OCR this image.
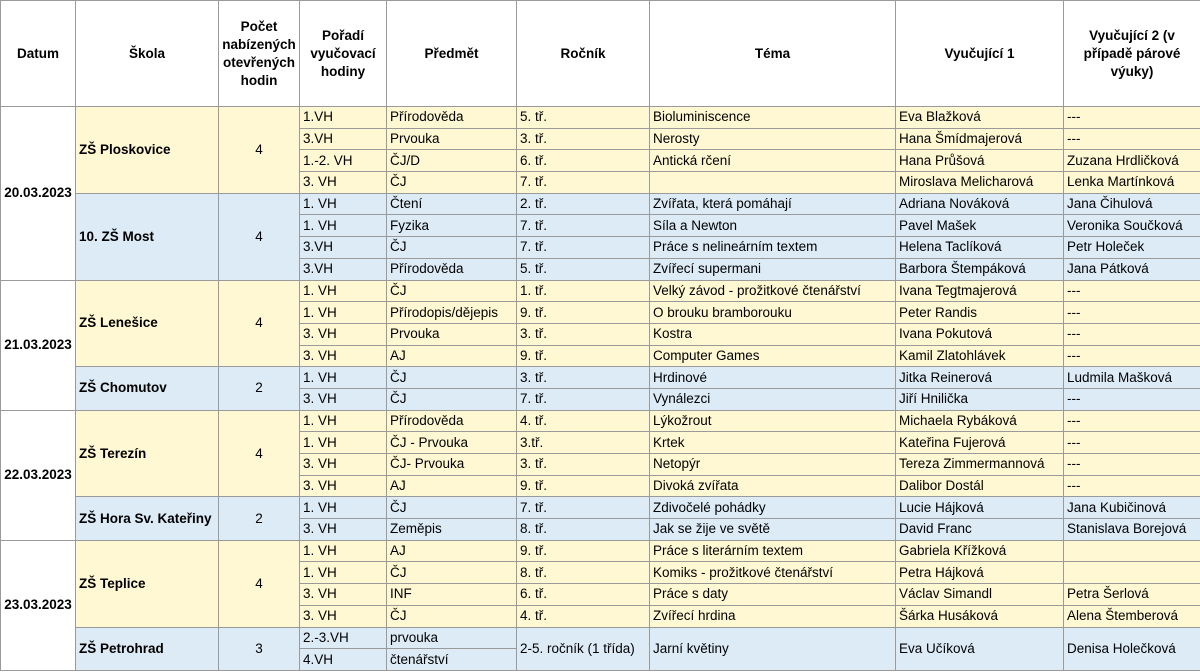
Datum	Škola	Počet nabízených otevřených hodin	Pořadí vyučovací hodiny	Předmět	Ročník	Téma	Vyučující 1	Vyučující 2 (v případě párové výuky)
20.03.2023	ZŠ Ploskovice	4	1.VH	Přírodověda	5. tř.	Bioluminiscence	Eva Blažková	---
			3.VH	Prvouka	3. tř.	Nerosty	Hana Šmídmajerová	---
			1.-2. VH	ČJ/D	6. tř.	Antická rčení	Hana Průšová	Zuzana Hrdličková
			3. VH	ČJ	7. tř.		Miroslava Melicharová	Lenka Martínková
	10. ZŠ Most	4	1. VH	Čtení	2. tř.	Zvířata, která pomáhají	Adriana Nováková	Jana Čihulová
			1. VH	Fyzika	7. tř.	Síla a Newton	Pavel Mašek	Veronika Součková
			3.VH	ČJ	7. tř.	Práce s nelineárním textem	Helena Taclíková	Petr Holeček
			3.VH	Přírodověda	5. tř.	Zvířecí supermani	Barbora Štempáková	Jana Pátková
21.03.2023	ZŠ Lenešice	4	1. VH	ČJ	1. tř.	Velký závod - prožitkové čtenářství	Ivana Tegtmajerová	---
			1. VH	Přírodopis/dějepis	9. tř.	O brouku bramborouku	Peter Randis	---
			3. VH	Prvouka	3. tř.	Kostra	Ivana Pokutová	---
			3. VH	AJ	9. tř.	Computer Games	Kamil Zlatohlávek	---
	ZŠ Chomutov	2	1. VH	ČJ	3. tř.	Hrdinové	Jitka Reinerová	Ludmila Mašková
			3. VH	ČJ	7. tř.	Vynálezci	Jiří Hnilička	---
22.03.2023	ZŠ Terezín	4	1. VH	Přírodověda	4. tř.	Lýkožrout	Michaela Rybáková	---
			1. VH	ČJ - Prvouka	3.tř.	Krtek	Kateřina Fujerová	---
			3. VH	ČJ- Prvouka	3. tř.	Netopýr	Tereza Zimmermannová	---
			3. VH	AJ	9. tř.	Divoká zvířata	Dalibor Dostál	---
	ZŠ Hora Sv. Kateřiny	2	1. VH	ČJ	7. tř.	Zdivočelé pohádky	Lucie Hájková	Jana Kubičinová
			3. VH	Zeměpis	8. tř.	Jak se žije ve světě	David Franc	Stanislava Borejová
23.03.2023	ZŠ Teplice	4	1. VH	AJ	9. tř.	Práce s literárním textem	Gabriela Křížková	
			1. VH	ČJ	8. tř.	Komiks - prožitkové čtenářství	Petra Hájková	
			3. VH	INF	6. tř.	Práce s daty	Václav Simandl	Petra Šerlová
			3. VH	ČJ	4. tř.	Zvířecí hrdina	Šárka Husáková	Alena Štemberová
	ZŠ Petrohrad	3	2.-3.VH	prvouka	2-5. ročník (1 třída)	Jarní květiny	Eva Učíková	Denisa Holečková
			4.VH	čtenářství				
